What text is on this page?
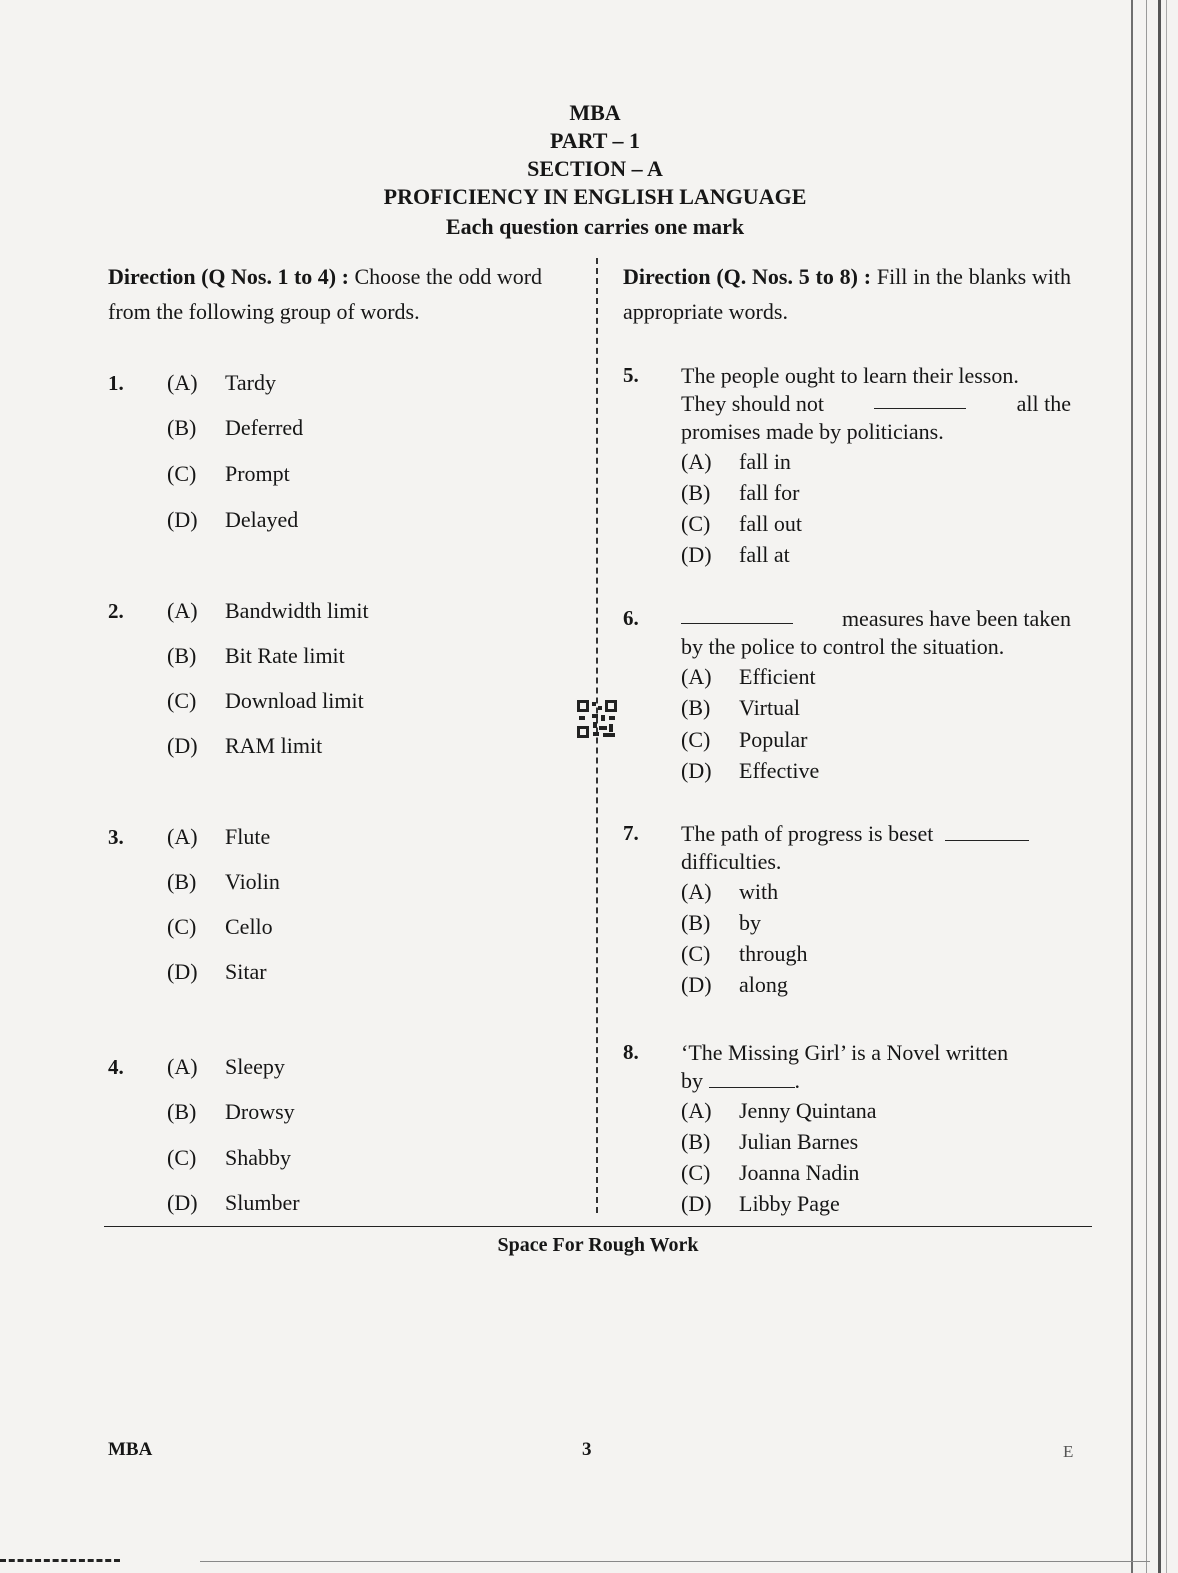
MBA
PART – 1
SECTION – A
PROFICIENCY IN ENGLISH LANGUAGE
Each question carries one mark
Direction (Q Nos. 1 to 4) : Choose the odd word from the following group of words.
1. (A) Tardy
(B) Deferred
(C) Prompt
(D) Delayed
2. (A) Bandwidth limit
(B) Bit Rate limit
(C) Download limit
(D) RAM limit
3. (A) Flute
(B) Violin
(C) Cello
(D) Sitar
4. (A) Sleepy
(B) Drowsy
(C) Shabby
(D) Slumber
Direction (Q. Nos. 5 to 8) : Fill in the blanks with appropriate words.
5. The people ought to learn their lesson.
They should not	all the
promises made by politicians.
(A) fall in
(B) fall for
(C) fall out
(D) fall at
6.	measures have been taken
by the police to control the situation.
(A) Efficient
(B) Virtual
(C) Popular
(D) Effective
7. The path of progress is beset
difficulties.
(A) with
(B) by
(C) through
(D) along
8. ‘The Missing Girl’ is a Novel written
by	.
(A) Jenny Quintana
(B) Julian Barnes
(C) Joanna Nadin
(D) Libby Page
Space For Rough Work
MBA	3	E
